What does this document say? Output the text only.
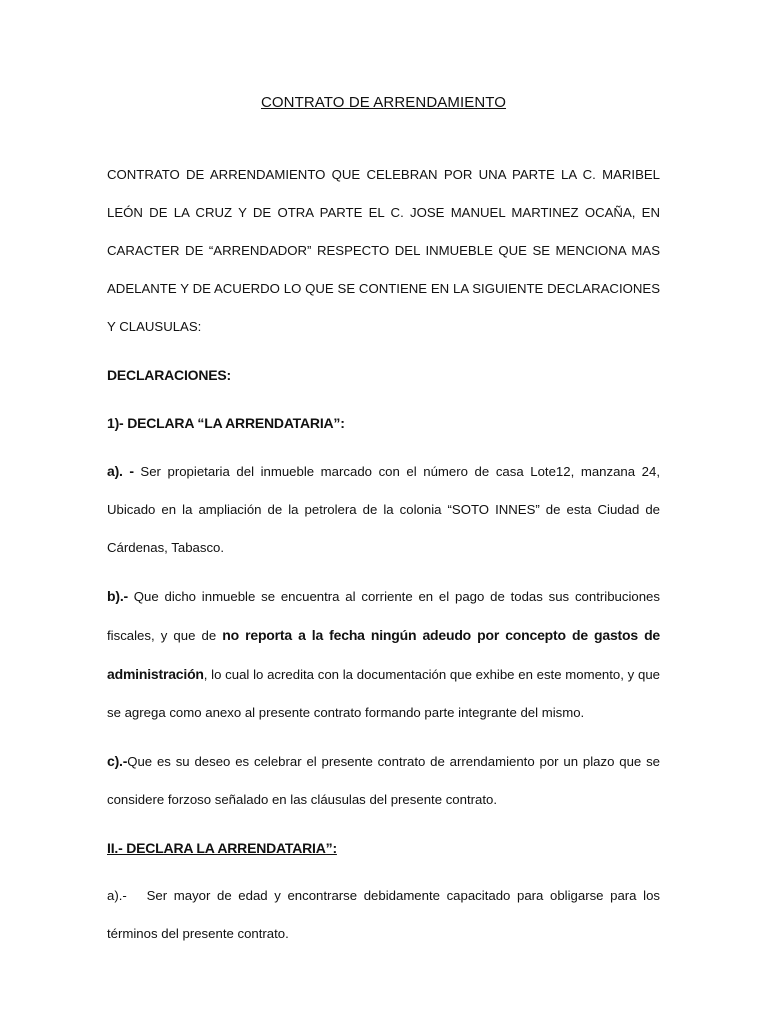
CONTRATO DE ARRENDAMIENTO

CONTRATO DE ARRENDAMIENTO QUE CELEBRAN POR UNA PARTE LA C. MARIBEL LEÓN DE LA CRUZ Y DE OTRA PARTE EL C. JOSE MANUEL MARTINEZ OCAÑA, EN CARACTER DE “ARRENDADOR” RESPECTO DEL INMUEBLE QUE SE MENCIONA MAS ADELANTE Y DE ACUERDO LO QUE SE CONTIENE EN LA SIGUIENTE DECLARACIONES Y CLAUSULAS:

DECLARACIONES:

1)- DECLARA “LA ARRENDATARIA”:

a). - Ser propietaria del inmueble marcado con el número de casa Lote12, manzana 24, Ubicado en la ampliación de la petrolera de la colonia “SOTO INNES” de esta Ciudad de Cárdenas, Tabasco.

b).- Que dicho inmueble se encuentra al corriente en el pago de todas sus contribuciones fiscales, y que de no reporta a la fecha ningún adeudo por concepto de gastos de administración, lo cual lo acredita con la documentación que exhibe en este momento, y que se agrega como anexo al presente contrato formando parte integrante del mismo.

c).-Que es su deseo es celebrar el presente contrato de arrendamiento por un plazo que se considere forzoso señalado en las cláusulas del presente contrato.

II.- DECLARA LA ARRENDATARIA”:

a).-   Ser mayor de edad y encontrarse debidamente capacitado para obligarse para los términos del presente contrato.
